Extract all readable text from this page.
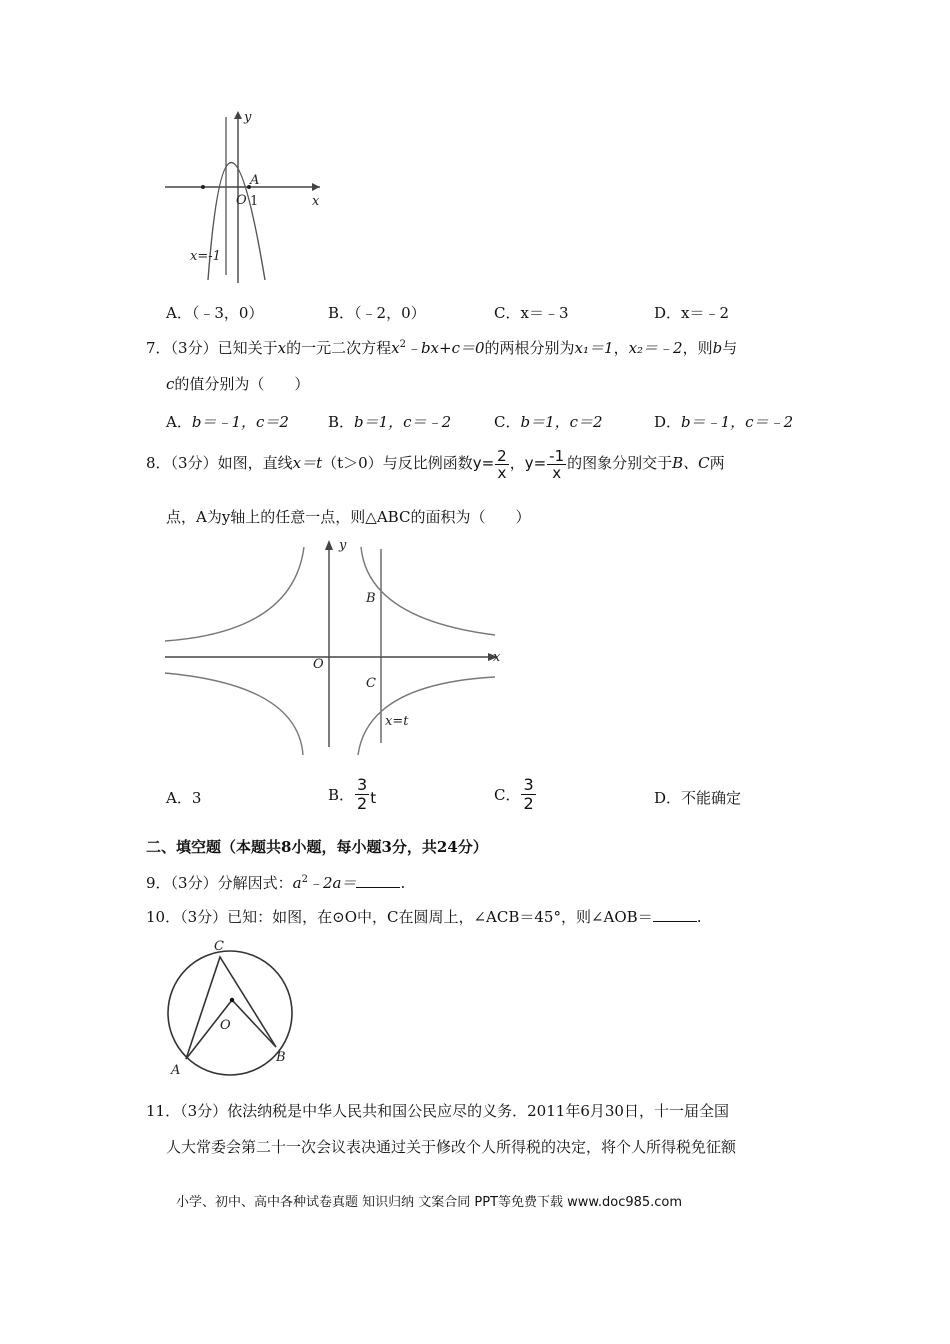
y
x
O
A
1
x=-1
A．（﹣3，0）	B．（﹣2，0）	C．x＝﹣3	D．x＝﹣2
7．（3分）已知关于x的一元二次方程$x^2﹣bx+c=0$的两根分别为x₁＝1，x₂＝﹣2，则b与
c的值分别为（　　）
A．b＝﹣1，c＝2	B．b＝1，c＝﹣2	C．b＝1，c＝2	D．b＝﹣1，c＝﹣2
8．（3分）如图，直线x＝t（t＞0）与反比例函数$y= \frac{2}{x}$ ，$y= \frac{-1}{x}$ 的图象分别交于B、C两
点，A为y轴上的任意一点，则△ABC的面积为（　　）
y
x
O
B
C
x=t
A．3	B． $\frac{3}{2}$ t	C． $\frac{3}{2}$	D．不能确定
二、填空题（本题共8小题，每小题3分，共24分）
9．（3分）分解因式：$a^2﹣2a=$	.
10．（3分）已知：如图，在⊙O中，C在圆周上，∠ACB＝45°，则∠AOB＝	.
C
O
A
B
11．（3分）依法纳税是中华人民共和国公民应尽的义务．2011年6月30日，十一届全国
人大常委会第二十一次会议表决通过关于修改个人所得税的决定，将个人所得税免征额
小学、初中、高中各种试卷真题 知识归纳 文案合同 PPT等免费下载 www.doc985.com
